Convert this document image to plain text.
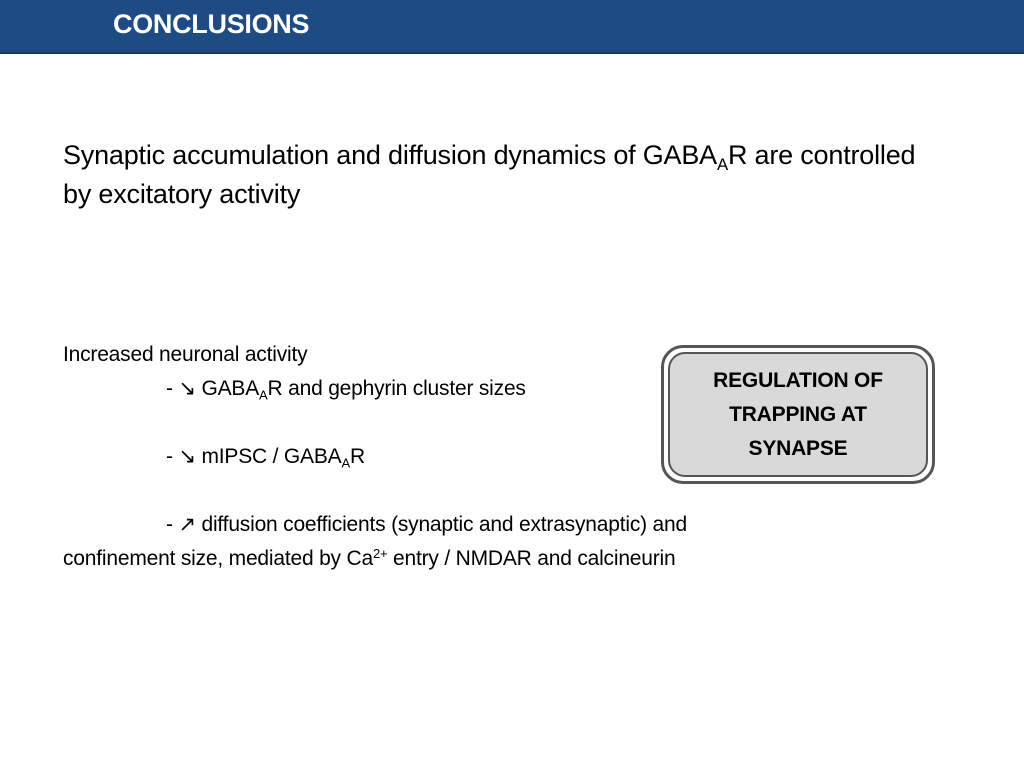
CONCLUSIONS
Synaptic accumulation and diffusion dynamics of $GABA_AR$ are controlled by excitatory activity
Increased neuronal activity
- ↘ $GABA_AR$ and gephyrin cluster sizes
- ↘ mIPSC / $GABA_AR$
- ↗ diffusion coefficients (synaptic and extrasynaptic) and
confinement size, mediated by $Ca^{2+}$ entry / NMDAR and calcineurin
REGULATION OF TRAPPING AT SYNAPSE
